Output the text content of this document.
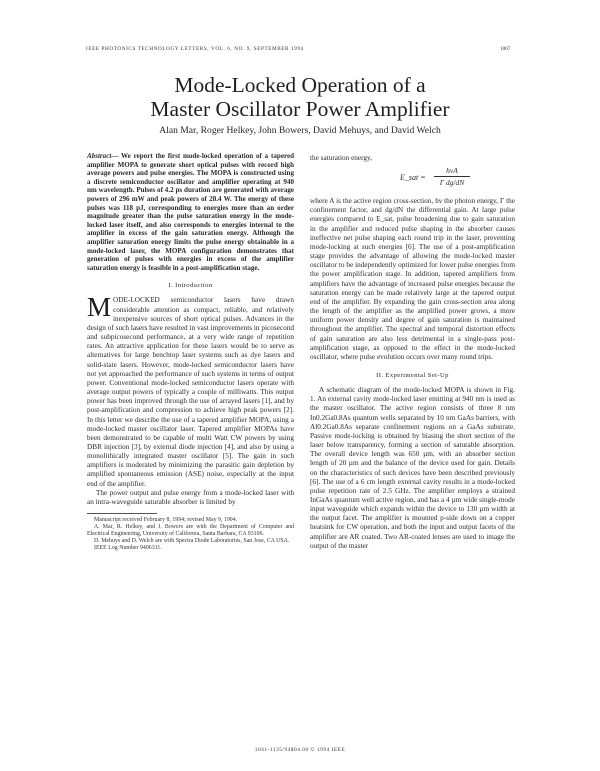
IEEE PHOTONICS TECHNOLOGY LETTERS, VOL. 6, NO. 9, SEPTEMBER 1994	1067
Mode-Locked Operation of a
Master Oscillator Power Amplifier
Alan Mar, Roger Helkey, John Bowers, David Mehuys, and David Welch

Abstract— We report the first mode-locked operation of a tapered amplifier MOPA to generate short optical pulses with record high average powers and pulse energies. The MOPA is constructed using a discrete semiconductor oscillator and amplifier operating at 940 nm wavelength. Pulses of 4.2 ps duration are generated with average powers of 296 mW and peak powers of 28.4 W. The energy of these pulses was 118 pJ, corresponding to energies more than an order magnitude greater than the pulse saturation energy in the mode-locked laser itself, and also corresponds to energies internal to the amplifier in excess of the gain saturation energy. Although the amplifier saturation energy limits the pulse energy obtainable in a mode-locked laser, the MOPA configuration demonstrates that generation of pulses with energies in excess of the amplifier saturation energy is feasible in a post-amplification stage.

I. Introduction

MODE-LOCKED semiconductor lasers have drawn considerable attention as compact, reliable, and relatively inexpensive sources of short optical pulses. Advances in the design of such lasers have resulted in vast improvements in picosecond and subpicosecond performance, at a very wide range of repetition rates. An attractive application for these lasers would be to serve as alternatives for large benchtop laser systems such as dye lasers and solid-state lasers. However, mode-locked semiconductor lasers have not yet approached the performance of such systems in terms of output power. Conventional mode-locked semiconductor lasers operate with average output powers of typically a couple of milliwatts. This output power has been improved through the use of arrayed lasers [1], and by post-amplification and compression to achieve high peak powers [2]. In this letter we describe the use of a tapered amplifier MOPA, using a mode-locked master oscillator laser. Tapered amplifier MOPAs have been demonstrated to be capable of multi Watt CW powers by using DBR injection [3], by external diode injection [4], and also by using a monolithically integrated master oscillator [5]. The gain in such amplifiers is moderated by minimizing the parasitic gain depletion by amplified spontaneous emission (ASE) noise, especially at the input end of the amplifier.

The power output and pulse energy from a mode-locked laser with an intra-waveguide saturable absorber is limited by

Manuscript received February 8, 1994; revised May 9, 1994.

A. Mar, R. Helkey, and J. Bowers are with the Department of Computer and Electrical Engineering, University of California, Santa Barbara, CA 93106.

D. Mehuys and D. Welch are with Spectra Diode Laboratories, San Jose, CA USA.

IEEE Log Number 9406311.

the saturation energy,

E_sat =
hνA
Γ dg/dN

where A is the active region cross-section, hν the photon energy, Γ the confinement factor, and dg/dN the differential gain. At large pulse energies compared to E_sat, pulse broadening due to gain saturation in the amplifier and reduced pulse shaping in the absorber causes ineffective net pulse shaping each round trip in the laser, preventing mode-locking at such energies [6]. The use of a post-amplification stage provides the advantage of allowing the mode-locked master oscillator to be independently optimized for lower pulse energies from the power amplification stage. In addition, tapered amplifiers from amplifiers have the advantage of increased pulse energies because the saturation energy can be made relatively large at the tapered output end of the amplifier. By expanding the gain cross-section area along the length of the amplifier as the amplified power grows, a more uniform power density and degree of gain saturation is maintained throughout the amplifier. The spectral and temporal distortion effects of gain saturation are also less detrimental in a single-pass post-amplification stage, as opposed to the effect in the mode-locked oscillator, where pulse evolution occurs over many round trips.

II. Experimental Set-Up

A schematic diagram of the mode-locked MOPA is shown in Fig. 1. An external cavity mode-locked laser emitting at 940 nm is used as the master oscillator. The active region consists of three 8 nm In0.2Ga0.8As quantum wells separated by 10 nm GaAs barriers, with Al0.2Ga0.8As separate confinement regions on a GaAs substrate. Passive mode-locking is obtained by biasing the short section of the laser below transparency, forming a section of saturable absorption. The overall device length was 650 µm, with an absorber section length of 20 µm and the balance of the device used for gain. Details on the characteristics of such devices have been described previously [6]. The use of a 6 cm length external cavity results in a mode-locked pulse repetition rate of 2.5 GHz. The amplifier employs a strained InGaAs quantum well active region, and has a 4 µm wide single-mode input waveguide which expands within the device to 130 µm width at the output facet. The amplifier is mounted p-side down on a copper heatsink for CW operation, and both the input and output facets of the amplifier are AR coated. Two AR-coated lenses are used to image the output of the master

1041-1135/94$04.00 © 1994 IEEE
